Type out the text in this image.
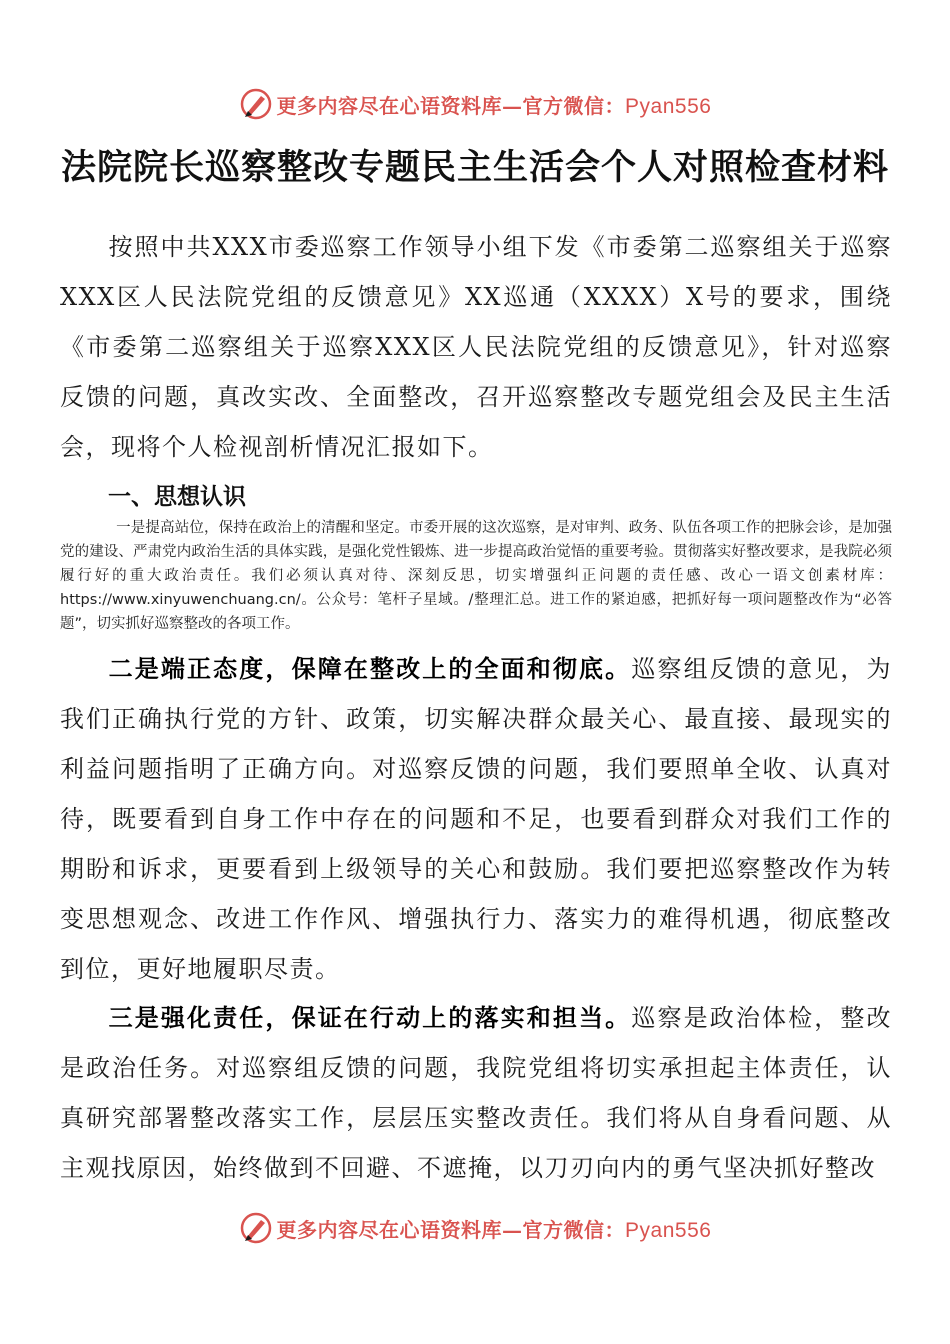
更多内容尽在心语资料库—官方微信：Pyan556
法院院长巡察整改专题民主生活会个人对照检查材料

按照中共XXX市委巡察工作领导小组下发《市委第二巡察组关于巡察XXX区人民法院党组的反馈意见》XX巡通（XXXX）X号的要求，围绕《市委第二巡察组关于巡察XXX区人民法院党组的反馈意见》，针对巡察反馈的问题，真改实改、全面整改，召开巡察整改专题党组会及民主生活会，现将个人检视剖析情况汇报如下。

一、思想认识

一是提高站位，保持在政治上的清醒和坚定。市委开展的这次巡察，是对审判、政务、队伍各项工作的把脉会诊，是加强党的建设、严肃党内政治生活的具体实践，是强化党性锻炼、进一步提高政治觉悟的重要考验。贯彻落实好整改要求，是我院必须履行好的重大政治责任。我们必须认真对待、深刻反思，切实增强纠正问题的责任感、改心一语文创素材库：https://www.xinyuwenchuang.cn/。公众号：笔杆子星域。/整理汇总。进工作的紧迫感，把抓好每一项问题整改作为“必答题”，切实抓好巡察整改的各项工作。

二是端正态度，保障在整改上的全面和彻底。巡察组反馈的意见，为我们正确执行党的方针、政策，切实解决群众最关心、最直接、最现实的利益问题指明了正确方向。对巡察反馈的问题，我们要照单全收、认真对待，既要看到自身工作中存在的问题和不足，也要看到群众对我们工作的期盼和诉求，更要看到上级领导的关心和鼓励。我们要把巡察整改作为转变思想观念、改进工作作风、增强执行力、落实力的难得机遇，彻底整改到位，更好地履职尽责。

三是强化责任，保证在行动上的落实和担当。巡察是政治体检，整改是政治任务。对巡察组反馈的问题，我院党组将切实承担起主体责任，认真研究部署整改落实工作，层层压实整改责任。我们将从自身看问题、从主观找原因，始终做到不回避、不遮掩，以刀刃向内的勇气坚决抓好整改

更多内容尽在心语资料库—官方微信：Pyan556
